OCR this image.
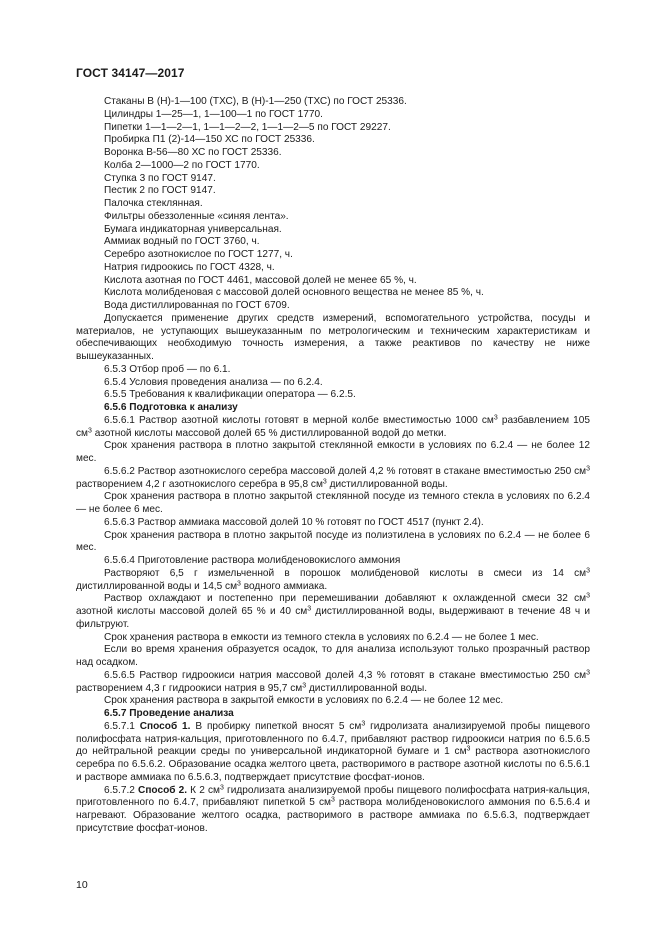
ГОСТ 34147—2017

Стаканы В (Н)-1—100 (ТХС), В (Н)-1—250 (ТХС) по ГОСТ 25336.

Цилиндры 1—25—1, 1—100—1 по ГОСТ 1770.

Пипетки 1—1—2—1, 1—1—2—2, 1—1—2—5 по ГОСТ 29227.

Пробирка П1 (2)-14—150 ХС по ГОСТ 25336.

Воронка В-56—80 ХС по ГОСТ 25336.

Колба 2—1000—2 по ГОСТ 1770.

Ступка 3 по ГОСТ 9147.

Пестик 2 по ГОСТ 9147.

Палочка стеклянная.

Фильтры обеззоленные «синяя лента».

Бумага индикаторная универсальная.

Аммиак водный по ГОСТ 3760, ч.

Серебро азотнокислое по ГОСТ 1277, ч.

Натрия гидроокись по ГОСТ 4328, ч.

Кислота азотная по ГОСТ 4461, массовой долей не менее 65 %, ч.

Кислота молибденовая с массовой долей основного вещества не менее 85 %, ч.

Вода дистиллированная по ГОСТ 6709.

Допускается применение других средств измерений, вспомогательного устройства, посуды и материалов, не уступающих вышеуказанным по метрологическим и техническим характеристикам и обеспечивающих необходимую точность измерения, а также реактивов по качеству не ниже вышеуказанных.

6.5.3 Отбор проб — по 6.1.

6.5.4 Условия проведения анализа — по 6.2.4.

6.5.5 Требования к квалификации оператора — 6.2.5.

6.5.6 Подготовка к анализу

6.5.6.1 Раствор азотной кислоты готовят в мерной колбе вместимостью 1000 $см^3$ разбавлением 105 $см^3$ азотной кислоты массовой долей 65 % дистиллированной водой до метки.

Срок хранения раствора в плотно закрытой стеклянной емкости в условиях по 6.2.4 — не более 12 мес.

6.5.6.2 Раствор азотнокислого серебра массовой долей 4,2 % готовят в стакане вместимостью 250 $см^3$ растворением 4,2 г азотнокислого серебра в 95,8 $см^3$ дистиллированной воды.

Срок хранения раствора в плотно закрытой стеклянной посуде из темного стекла в условиях по 6.2.4 — не более 6 мес.

6.5.6.3 Раствор аммиака массовой долей 10 % готовят по ГОСТ 4517 (пункт 2.4).

Срок хранения раствора в плотно закрытой посуде из полиэтилена в условиях по 6.2.4 — не более 6 мес.

6.5.6.4 Приготовление раствора молибденовокислого аммония

Растворяют 6,5 г измельченной в порошок молибденовой кислоты в смеси из 14 $см^3$ дистиллированной воды и 14,5 $см^3$ водного аммиака.

Раствор охлаждают и постепенно при перемешивании добавляют к охлажденной смеси 32 $см^3$ азотной кислоты массовой долей 65 % и 40 $см^3$ дистиллированной воды, выдерживают в течение 48 ч и фильтруют.

Срок хранения раствора в емкости из темного стекла в условиях по 6.2.4 — не более 1 мес.

Если во время хранения образуется осадок, то для анализа используют только прозрачный раствор над осадком.

6.5.6.5 Раствор гидроокиси натрия массовой долей 4,3 % готовят в стакане вместимостью 250 $см^3$ растворением 4,3 г гидроокиси натрия в 95,7 $см^3$ дистиллированной воды.

Срок хранения раствора в закрытой емкости в условиях по 6.2.4 — не более 12 мес.

6.5.7 Проведение анализа

6.5.7.1 Способ 1. В пробирку пипеткой вносят 5 $см^3$ гидролизата анализируемой пробы пищевого полифосфата натрия-кальция, приготовленного по 6.4.7, прибавляют раствор гидроокиси натрия по 6.5.6.5 до нейтральной реакции среды по универсальной индикаторной бумаге и 1 $см^3$ раствора азотнокислого серебра по 6.5.6.2. Образование осадка желтого цвета, растворимого в растворе азотной кислоты по 6.5.6.1 и растворе аммиака по 6.5.6.3, подтверждает присутствие фосфат-ионов.

6.5.7.2 Способ 2. К 2 $см^3$ гидролизата анализируемой пробы пищевого полифосфата натрия-кальция, приготовленного по 6.4.7, прибавляют пипеткой 5 $см^3$ раствора молибденовокислого аммония по 6.5.6.4 и нагревают. Образование желтого осадка, растворимого в растворе аммиака по 6.5.6.3, подтверждает присутствие фосфат-ионов.

10
